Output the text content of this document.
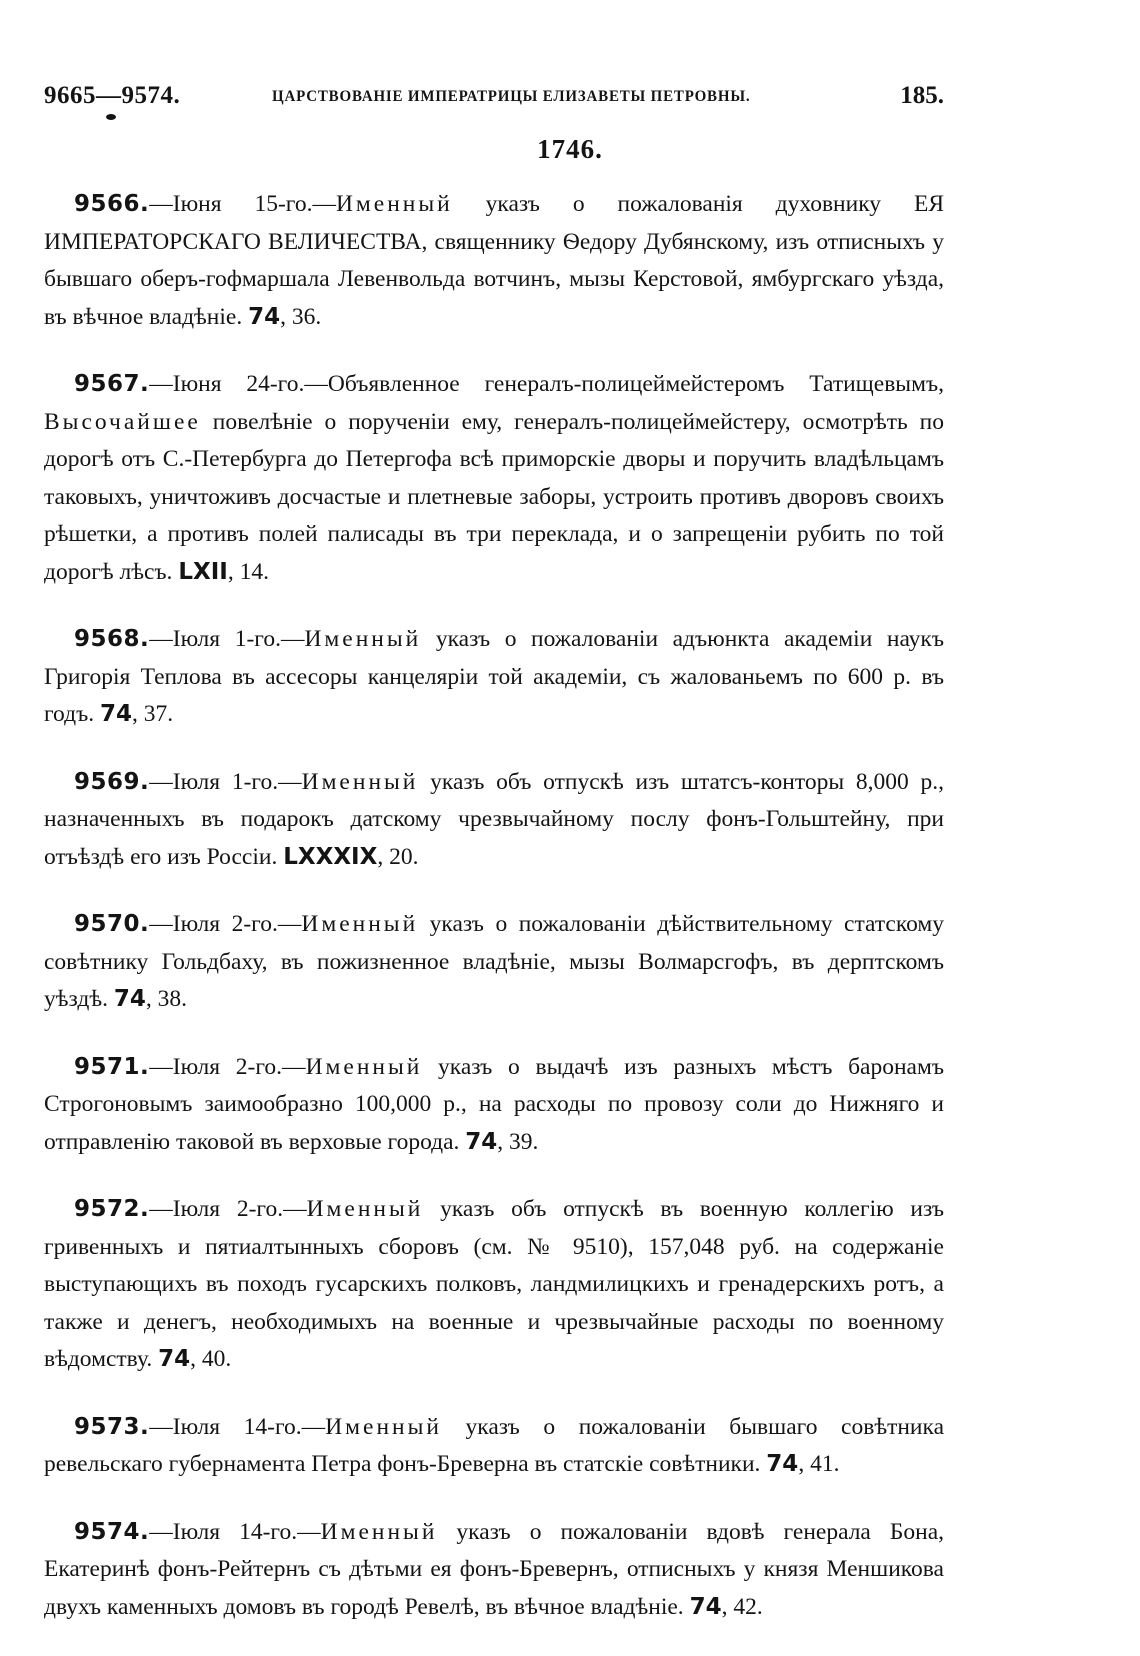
9665—9574.	ЦАРСТВОВАНІЕ ИМПЕРАТРИЦЫ ЕЛИЗАВЕТЫ ПЕТРОВНЫ.	185.
1746.

9566.—Іюня 15-го.—Именный указъ о пожалованія духовнику ЕЯ ИМПЕРАТОРСКАГО ВЕЛИЧЕСТВА, священнику Ѳедору Дубянскому, изъ отписныхъ у бывшаго оберъ-гофмаршала Левенвольда вотчинъ, мызы Керстовой, ямбургскаго уѣзда, въ вѣчное владѣніе. 74, 36.

9567.—Іюня 24-го.—Объявленное генералъ-полицеймейстеромъ Татищевымъ, Высочайшее повелѣніе о порученіи ему, генералъ-полицеймейстеру, осмотрѣть по дорогѣ отъ С.-Петербурга до Петергофа всѣ приморскіе дворы и поручить владѣльцамъ таковыхъ, уничтоживъ досчастые и плетневые заборы, устроить противъ дворовъ своихъ рѣшетки, а противъ полей палисады въ три переклада, и о запрещеніи рубить по той дорогѣ лѣсъ. LXII, 14.

9568.—Іюля 1-го.—Именный указъ о пожалованіи адъюнкта академіи наукъ Григорія Теплова въ ассесоры канцеляріи той академіи, съ жалованьемъ по 600 р. въ годъ. 74, 37.

9569.—Іюля 1-го.—Именный указъ объ отпускѣ изъ штатсъ-конторы 8,000 р., назначенныхъ въ подарокъ датскому чрезвычайному послу фонъ-Гольштейну, при отъѣздѣ его изъ Россіи. LXXXIX, 20.

9570.—Іюля 2-го.—Именный указъ о пожалованіи дѣйствительному статскому совѣтнику Гольдбаху, въ пожизненное владѣніе, мызы Волмарсгофъ, въ дерптскомъ уѣздѣ. 74, 38.

9571.—Іюля 2-го.—Именный указъ о выдачѣ изъ разныхъ мѣстъ баронамъ Строгоновымъ заимообразно 100,000 р., на расходы по провозу соли до Нижняго и отправленію таковой въ верховые города. 74, 39.

9572.—Іюля 2-го.—Именный указъ объ отпускѣ въ военную коллегію изъ гривенныхъ и пятиалтынныхъ сборовъ (см. № 9510), 157,048 руб. на содержаніе выступающихъ въ походъ гусарскихъ полковъ, ландмилицкихъ и гренадерскихъ ротъ, а также и денегъ, необходимыхъ на военные и чрезвычайные расходы по военному вѣдомству. 74, 40.

9573.—Іюля 14-го.—Именный указъ о пожалованіи бывшаго совѣтника ревельскаго губернамента Петра фонъ-Бреверна въ статскіе совѣтники. 74, 41.

9574.—Іюля 14-го.—Именный указъ о пожалованіи вдовѣ генерала Бона, Екатеринѣ фонъ-Рейтернъ съ дѣтьми ея фонъ-Бревернъ, отписныхъ у князя Меншикова двухъ каменныхъ домовъ въ городѣ Ревелѣ, въ вѣчное владѣніе. 74, 42.
